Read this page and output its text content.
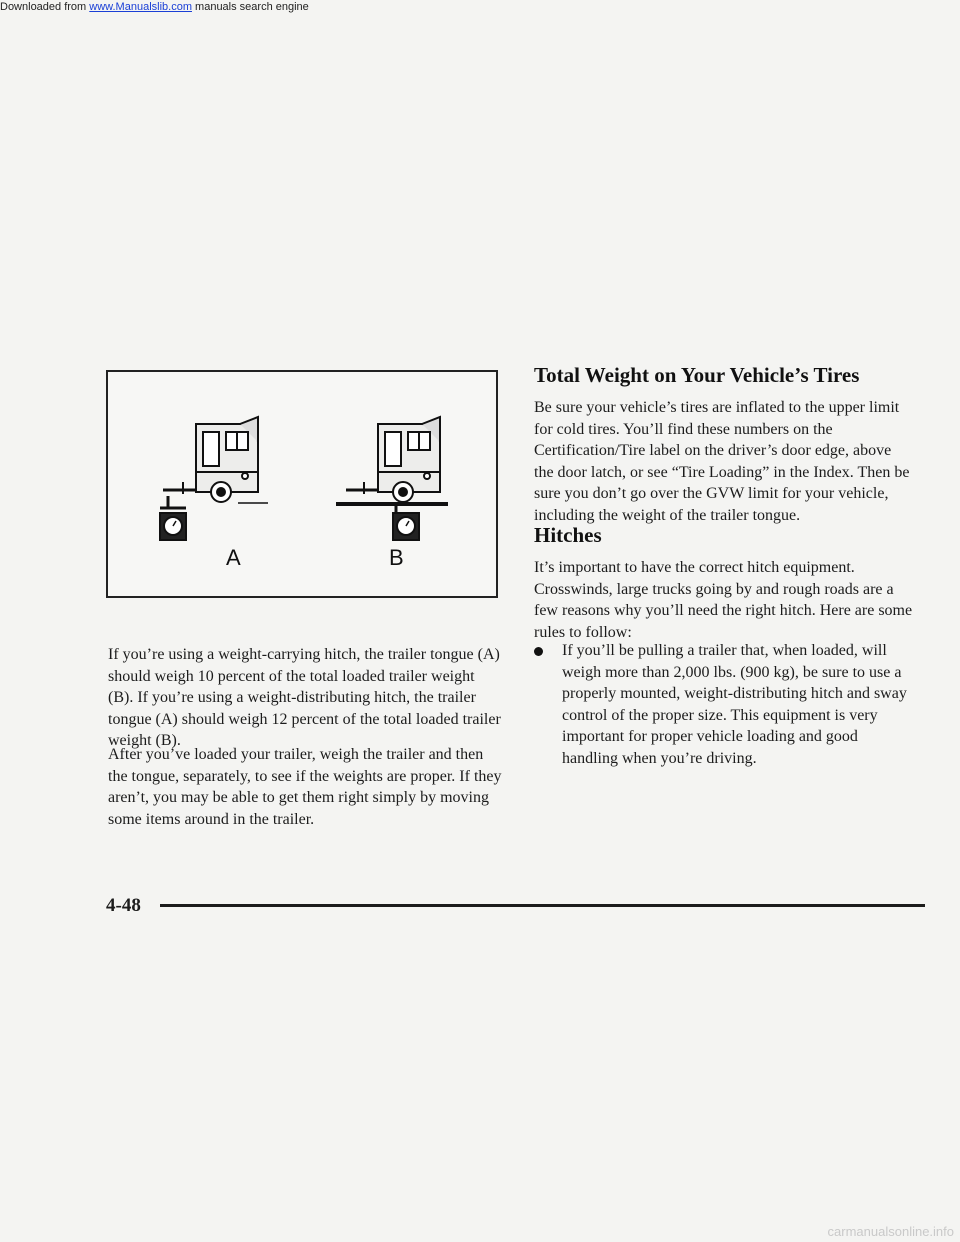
Downloaded from www.Manualslib.com manuals search engine
A	B

If you’re using a weight-carrying hitch, the trailer tongue (A) should weigh 10 percent of the total loaded trailer weight (B). If you’re using a weight-distributing hitch, the trailer tongue (A) should weigh 12 percent of the total loaded trailer weight (B).

After you’ve loaded your trailer, weigh the trailer and then the tongue, separately, to see if the weights are proper. If they aren’t, you may be able to get them right simply by moving some items around in the trailer.

Total Weight on Your Vehicle’s Tires

Be sure your vehicle’s tires are inflated to the upper limit for cold tires. You’ll find these numbers on the Certification/Tire label on the driver’s door edge, above the door latch, or see “Tire Loading” in the Index. Then be sure you don’t go over the GVW limit for your vehicle, including the weight of the trailer tongue.

Hitches

It’s important to have the correct hitch equipment. Crosswinds, large trucks going by and rough roads are a few reasons why you’ll need the right hitch. Here are some rules to follow:

If you’ll be pulling a trailer that, when loaded, will weigh more than 2,000 lbs. (900 kg), be sure to use a properly mounted, weight-distributing hitch and sway control of the proper size. This equipment is very important for proper vehicle loading and good handling when you’re driving.

4-48
carmanualsonline.info
